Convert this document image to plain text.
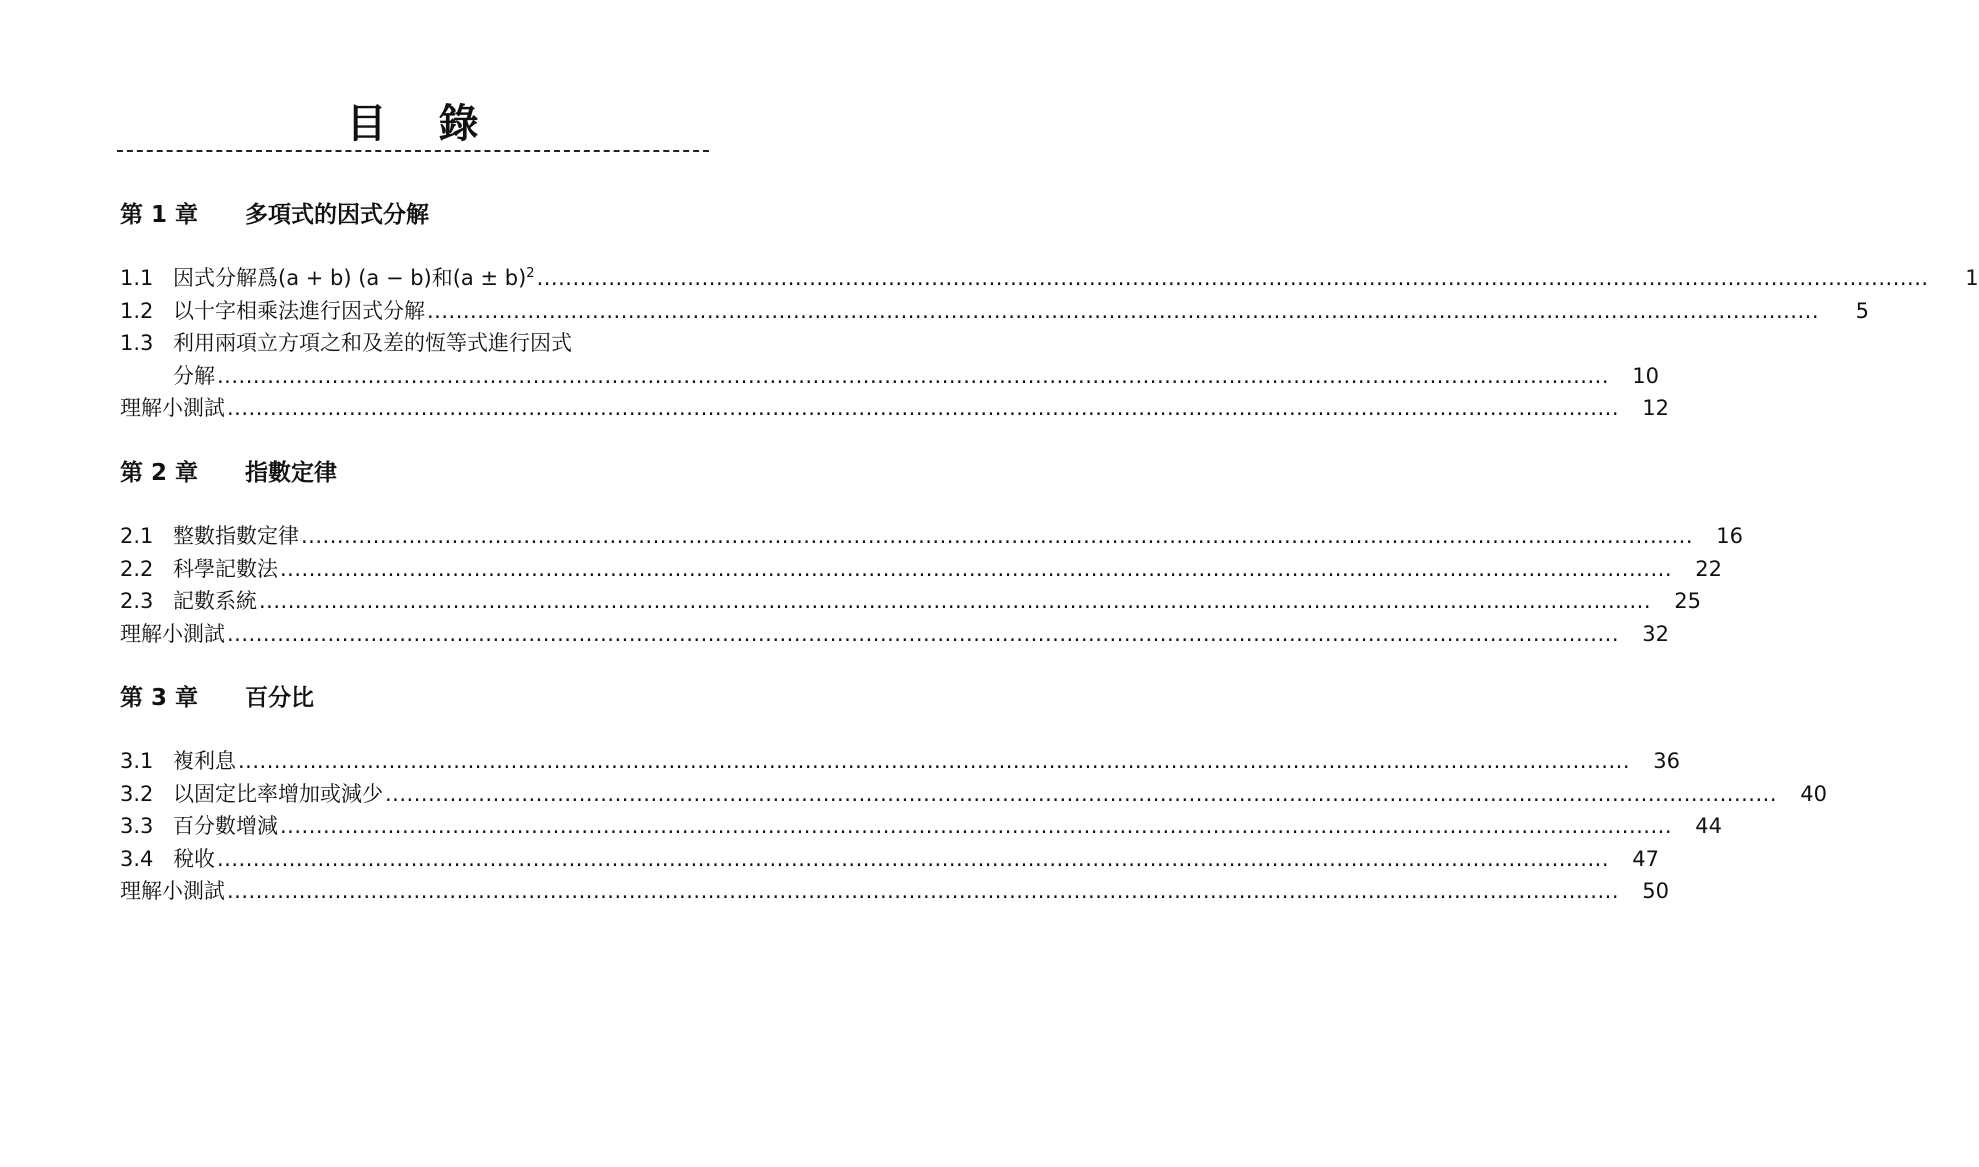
目錄
第 1 章 多項式的因式分解
1.1 因式分解爲(a + b) (a − b)和$(a \pm b)^2$ .....	1
1.2 以十字相乘法進行因式分解 .....	5
1.3 利用兩項立方項之和及差的恆等式進行因式
分解 .....	10
理解小測試 .....	12
第 2 章 指數定律
2.1 整數指數定律 .....	16
2.2 科學記數法 .....	22
2.3 記數系統 .....	25
理解小測試 .....	32
第 3 章 百分比
3.1 複利息 .....	36
3.2 以固定比率增加或減少 .....	40
3.3 百分數增減 .....	44
3.4 稅收 .....	47
理解小測試 .....	50
